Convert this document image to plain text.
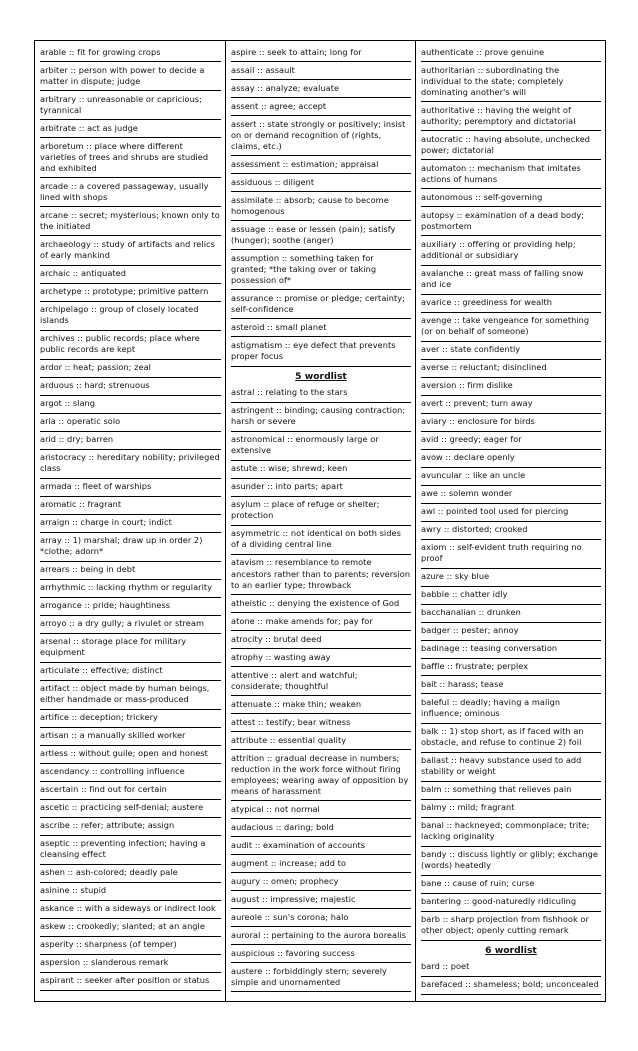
arable :: fit for growing crops
arbiter :: person with power to decide a matter in dispute; judge
arbitrary :: unreasonable or capricious; tyrannical
arbitrate :: act as judge
arboretum :: place where different varieties of trees and shrubs are studied and exhibited
arcade :: a covered passageway, usually lined with shops
arcane :: secret; mysterious; known only to the initiated
archaeology :: study of artifacts and relics of early mankind
archaic :: antiquated
archetype :: prototype; primitive pattern
archipelago :: group of closely located islands
archives :: public records; place where public records are kept
ardor :: heat; passion; zeal
arduous :: hard; strenuous
argot :: slang
aria :: operatic solo
arid :: dry; barren
aristocracy :: hereditary nobility; privileged class
armada :: fleet of warships
aromatic :: fragrant
arraign :: charge in court; indict
array :: 1) marshal; draw up in order 2) *clothe; adorn*
arrears :: being in debt
arrhythmic :: lacking rhythm or regularity
arrogance :: pride; haughtiness
arroyo :: a dry gully; a rivulet or stream
arsenal :: storage place for military equipment
articulate :: effective; distinct
artifact :: object made by human beings, either handmade or mass-produced
artifice :: deception; trickery
artisan :: a manually skilled worker
artless :: without guile; open and honest
ascendancy :: controlling influence
ascertain :: find out for certain
ascetic :: practicing self-denial; austere
ascribe :: refer; attribute; assign
aseptic :: preventing infection; having a cleansing effect
ashen :: ash-colored; deadly pale
asinine :: stupid
askance :: with a sideways or indirect look
askew :: crookedly; slanted; at an angle
asperity :: sharpness (of temper)
aspersion :: slanderous remark
aspirant :: seeker after position or status
aspire :: seek to attain; long for
assail :: assault
assay :: analyze; evaluate
assent :: agree; accept
assert :: state strongly or positively; insist on or demand recognition of (rights, claims, etc.)
assessment :: estimation; appraisal
assiduous :: diligent
assimilate :: absorb; cause to become homogenous
assuage :: ease or lessen (pain); satisfy (hunger); soothe (anger)
assumption :: something taken for granted; *the taking over or taking possession of*
assurance :: promise or pledge; certainty; self-confidence
asteroid :: small planet
astigmatism :: eye defect that prevents proper focus
5 wordlist
astral :: relating to the stars
astringent :: binding; causing contraction; harsh or severe
astronomical :: enormously large or extensive
astute :: wise; shrewd; keen
asunder :: into parts; apart
asylum :: place of refuge or shelter; protection
asymmetric :: not identical on both sides of a dividing central line
atavism :: resemblance to remote ancestors rather than to parents; reversion to an earlier type; throwback
atheistic :: denying the existence of God
atone :: make amends for; pay for
atrocity :: brutal deed
atrophy :: wasting away
attentive :: alert and watchful; considerate; thoughtful
attenuate :: make thin; weaken
attest :: testify; bear witness
attribute :: essential quality
attrition :: gradual decrease in numbers; reduction in the work force without firing employees; wearing away of opposition by means of harassment
atypical :: not normal
audacious :: daring; bold
audit :: examination of accounts
augment :: increase; add to
augury :: omen; prophecy
august :: impressive; majestic
aureole :: sun's corona; halo
auroral :: pertaining to the aurora borealis
auspicious :: favoring success
austere :: forbiddingly stern; severely simple and unornamented
authenticate :: prove genuine
authoritarian :: subordinating the individual to the state; completely dominating another's will
authoritative :: having the weight of authority; peremptory and dictatorial
autocratic :: having absolute, unchecked power; dictatorial
automaton :: mechanism that imitates actions of humans
autonomous :: self-governing
autopsy :: examination of a dead body; postmortem
auxiliary :: offering or providing help; additional or subsidiary
avalanche :: great mass of falling snow and ice
avarice :: greediness for wealth
avenge :: take vengeance for something (or on behalf of someone)
aver :: state confidently
averse :: reluctant; disinclined
aversion :: firm dislike
avert :: prevent; turn away
aviary :: enclosure for birds
avid :: greedy; eager for
avow :: declare openly
avuncular :: like an uncle
awe :: solemn wonder
awl :: pointed tool used for piercing
awry :: distorted; crooked
axiom :: self-evident truth requiring no proof
azure :: sky blue
babble :: chatter idly
bacchanalian :: drunken
badger :: pester; annoy
badinage :: teasing conversation
baffle :: frustrate; perplex
bait :: harass; tease
baleful :: deadly; having a malign influence; ominous
balk :: 1) stop short, as if faced with an obstacle, and refuse to continue 2) foil
ballast :: heavy substance used to add stability or weight
balm :: something that relieves pain
balmy :: mild; fragrant
banal :: hackneyed; commonplace; trite; lacking originality
bandy :: discuss lightly or glibly; exchange (words) heatedly
bane :: cause of ruin; curse
bantering :: good-naturedly ridiculing
barb :: sharp projection from fishhook or other object; openly cutting remark
6 wordlist
bard :: poet
barefaced :: shameless; bold; unconcealed
